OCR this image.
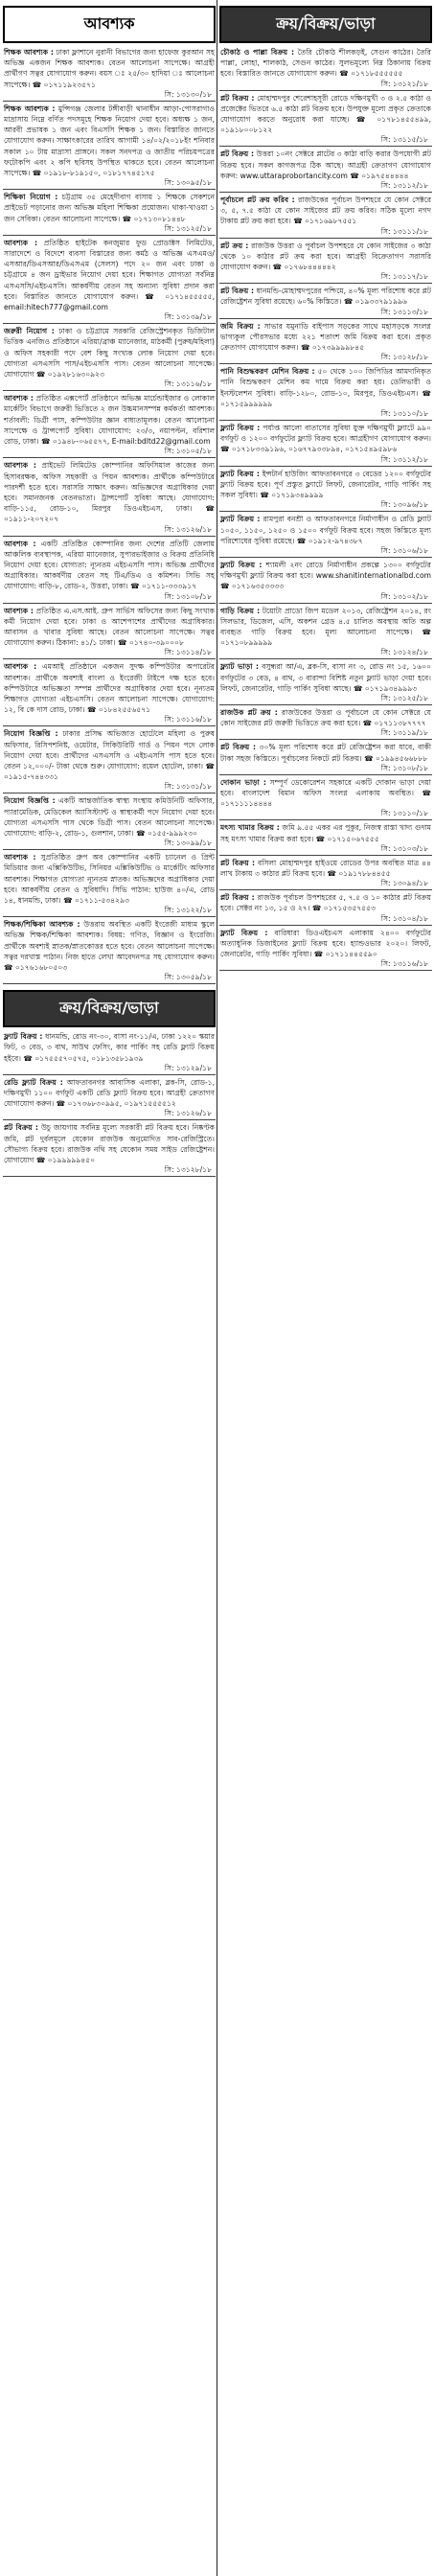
আবশ্যক
শিক্ষক আবশ্যক : ঢাকা ফ্লাশানে নুরানী বিভাগের জন্য হাফেজ কুরআন সহ অভিজ্ঞ একজন শিক্ষক আবশ্যক। বেতন আলোচনা সাপেক্ষে। আগ্রহী প্রার্থীগণ সত্বর যোগাযোগ করুন। বয়স ঃ ২৫/৩০ হাদিয়া ঃ আলোচনা সাপেক্ষে। ☎ ০১৭১১৯২৩৫৭১
সি: ১৩১৩০/১৮
শিক্ষক আবশ্যক : মুন্সিগঞ্জ জেলার টঙ্গীবাড়ী থানাধীন আড়া-পোসরাগাও মাদ্রাসায় নিম্নে বর্ণিত পদসমূহে শিক্ষক নিয়োগ দেয়া হবে। অধ্যক্ষ ১ জন, আরবী প্রভাষক ১ জন এবং বিএসসি শিক্ষক ১ জন। বিস্তারিত জানতে যোগাযোগ করুন। সাক্ষাৎকারের তারিখ আগামী ১৪/০২/২০১৮ইং শনিবার সকাল ১০ টায় মাদ্রাসা প্রাঙ্গনে। সকল সনদপত্র ও জাতীয় পরিচয়পত্রের ফটোকপি এবং ২ কপি ছবিসহ উপস্থিত থাকতে হবে। বেতন আলোচনা সাপেক্ষে। ☎ ০১৯১৮-৮১৯১৫০, ০১৮১৭৭৪৫১৭৫
সি: ১৩০৯৫/১৮
শিক্ষিকা নিয়োগ : চট্টগ্রাম ৩৫ মেহেদীবাগ বাসায় ১ শিক্ষকে সেকশনে প্রাইভেট পড়ানোর জন্য অভিজ্ঞ মহিলা শিক্ষিকা প্রয়োজন। থাকা-খাওয়া ১ জন সেবিকা। বেতন আলোচনা সাপেক্ষে। ☎ ০১৭১৩০৮১৪৪৮
সি: ১৩১২৫/১৮
আবশ্যক : প্রতিষ্ঠিত হাইটেক কনজুমার ফুড প্রোডাক্টস লিমিটেড, সারাদেশে ও বিদেশে ব্যবসা বিস্তারের জন্য কর্মঠ ও অভিজ্ঞ এসএমও/এসআর/ডিএসআর/ডিএসএম (সেলস) পদে ২০ জন এবং ঢাকা ও চট্টগ্রামে ৪ জন ড্রাইভার নিয়োগ দেয়া হবে। শিক্ষাগত যোগ্যতা সর্বনিম্ন এসএসসি/এইচএসসি। আকর্ষণীয় বেতন সহ অন্যান্য সুবিধা প্রদান করা হবে। বিস্তারিত জানতে যোগাযোগ করুন। ☎ ০১৭১৪৫৫৫৫৫, email:hitech777@gmail.com
সি: ১৩১৩৯/১৮
জরুরী নিয়োগ : ঢাকা ও চট্টগ্রামে সরকারি রেজিস্ট্রেশনকৃত ডিজিটাল ভিত্তিক এনজিও প্রতিষ্ঠানে এরিয়া/ব্রাঞ্চ ম্যানেজার, মাঠকর্মী (পুরুষ/মহিলা) ও অফিস সহকারী পদে বেশ কিছু সংখ্যক লোক নিয়োগ দেয়া হবে। যোগ্যতা এসএসসি পাস/এইচএসসি পাস। বেতন আলোচনা সাপেক্ষে। যোগাযোগ ☎ ০১৯২৮১৬৩০৯২৩
সি: ১৩১১৬/১৮
আবশ্যক : প্রতিষ্ঠিত এক্সপোর্ট প্রতিষ্ঠানে অভিজ্ঞ মার্চেন্ডাইজার ও লোকাল মার্কেটিং বিভাগে জরুরী ভিত্তিতে ২ জন উচ্চমানসম্পন্ন কর্মকর্তা আবশ্যক। শর্তাবলী: ডিগ্রী পাস, কম্পিউটার জ্ঞান বাধ্যতামূলক। বেতন আলোচনা সাপেক্ষে ও ট্রান্সপোর্ট সুবিধা। যোগাযোগ: ২৩/৩, নয়াপল্টন, বরিশাল রোড, ঢাকা। ☎ ০১৯৪৮-০৬৫৫৭৭, E-mail:bdltd22@gmail.com
সি: ১৩১০৫/১৮
আবশ্যক : প্রাইভেট লিমিটেড কোম্পানির অফিসিয়াল কাজের জন্য হিসাবরক্ষক, অফিস সহকারী ও পিয়ন আবশ্যক। প্রার্থীকে কম্পিউটারে পারদর্শী হতে হবে। সরাসরি সাক্ষাৎ করুন। অভিজ্ঞদের অগ্রাধিকার দেয়া হবে। সমানজনক বেতনভাতা। ট্রান্সপোর্ট সুবিধা আছে। যোগাযোগ: বাড়ি-১১৫, রোড-১০, মিরপুর ডিওএইচএস, ঢাকা। ☎ ০১৯১১-২০৭২০৭
সি: ১৩১২৬/১৮
আবশ্যক : একটি প্রতিষ্ঠিত কোম্পানির জন্য দেশের প্রতিটি জেলায় আঞ্চলিক ব্যবস্থাপক, এরিয়া ম্যানেজার, সুপারভাইজার ও বিক্রয় প্রতিনিধি নিয়োগ দেয়া হবে। যোগ্যতা: ন্যূনতম এইচএসসি পাস। অভিজ্ঞ প্রার্থীদের অগ্রাধিকার। আকর্ষণীয় বেতন সহ টিএ/ডিএ ও কমিশন। সিভি সহ যোগাযোগ: বাড়ি-৮, রোড-২, উত্তরা, ঢাকা। ☎ ০১৭১১-৩৩৩৯১৭
সি: ১৩১০৮/১৮
আবশ্যক : প্রতিষ্ঠিত এ.এস.আই. গ্রুপ সার্ভিস অফিসের জন্য কিছু সংখ্যক কর্মী নিয়োগ দেয়া হবে। ঢাকা ও আশেপাশের প্রার্থীদের অগ্রাধিকার। আবাসন ও খাবার সুবিধা আছে। বেতন আলোচনা সাপেক্ষে। সত্বর যোগাযোগ করুন। ঠিকানা: ৪১/১ ঢাকা। ☎ ০১৭৪০-৩৯০০০৮
সি: ১৩১১৪/১৮
আবশ্যক : এমআই প্রতিষ্ঠানে একজন সুদক্ষ কম্পিউটার অপারেটর আবশ্যক। প্রার্থীকে অবশ্যই বাংলা ও ইংরেজী টাইপে দক্ষ হতে হবে। কম্পিউটারে অভিজ্ঞতা সম্পন্ন প্রার্থীদের অগ্রাধিকার দেয়া হবে। নূন্যতম শিক্ষাগত যোগ্যতা এইচএসসি। বেতন আলোচনা সাপেক্ষে। যোগাযোগ: ১২, বি কে দাস রোড, ঢাকা। ☎ ০১৮৪২৫৫৬৫৭১
সি: ১৩১১৬/১৮
নিয়োগ বিজ্ঞপ্তি : ঢাকার প্রসিদ্ধ অভিজাত হোটেলে মহিলা ও পুরুষ অফিসার, রিসিপশনিষ্ট, ওয়েটার, সিকিউরিটি গার্ড ও পিয়ন পদে লোক নিয়োগ দেয়া হবে। প্রার্থীদের এসএসসি ও এইচএসসি পাস হতে হবে। বেতন ১২,০০০/- টাকা থেকে শুরু। যোগাযোগ: রয়েল হোটেল, ঢাকা। ☎ ০১৯১৫-৭৪৪৩৩১
সি: ১৩১৩১/১৮
নিয়োগ বিজ্ঞপ্তি : একটি আন্তর্জাতিক স্বাস্থ্য সংস্থায় কমিউনিটি অফিসার, প্যারামেডিক, মেডিকেল অ্যাসিস্ট্যান্ট ও স্বাস্থ্যকর্মী পদে নিয়োগ দেয়া হবে। যোগ্যতা এসএসসি পাস থেকে ডিগ্রী পাস। বেতন আলোচনা সাপেক্ষে। যোগাযোগ: বাড়ি-২, রোড-১, গুলশান, ঢাকা। ☎ ০১৫৫-৯৯৯২৩০
সি: ১৩০৯৯/১৮
আবশ্যক : সুপ্রতিষ্ঠিত গ্রুপ অব কোম্পানির একটি চ্যানেল ও প্রিন্ট মিডিয়ার জন্য এক্সিকিউটিভ, সিনিয়র এক্সিকিউটিভ ও মার্কেটিং অফিসার আবশ্যক। শিক্ষাগত যোগ্যতা ন্যূনতম স্নাতক। অভিজ্ঞদের অগ্রাধিকার দেয়া হবে। আকর্ষণীয় বেতন ও সুবিধাদি। সিভি পাঠান: হাউজ ৪০/এ, রোড ১৪, ধানমন্ডি, ঢাকা। ☎ ০১৭১১-৫৩৪২৯৩
সি: ১৩১২২/১৮
শিক্ষক/শিক্ষিকা আবশ্যক : উত্তরায় অবস্থিত একটি ইংরেজী মাধ্যম স্কুলে অভিজ্ঞ শিক্ষক/শিক্ষিকা আবশ্যক। বিষয়: গণিত, বিজ্ঞান ও ইংরেজি। প্রার্থীকে অবশ্যই স্নাতক/স্নাতকোত্তর হতে হবে। বেতন আলোচনা সাপেক্ষে। সত্বর দরখাস্ত পাঠান। নিজ হাতে লেখা আবেদনপত্র সহ যোগাযোগ করুন। ☎ ০১৭৬১৬৮০৫০৩
সি: ১৩০৫৯/১৮
ক্রয়/বিক্রয়/ভাড়া
ফ্ল্যাট বিক্রয় : ধানমন্ডি, রোড নং-৩০, বাসা নং-১১/এ, ঢাকা ১২২০ স্কয়ার ফিট, ৩ বেড, ৩ বাথ, সাউথ ফেসিং, কার পার্কিং সহ রেডি ফ্ল্যাট বিক্রয় হইবে। ☎ ০১৭৫৫৫৭০৫৭৫, ০১৮১৩৫৮১৯৩৯
সি: ১৩১২৯/১৮
রেডি ফ্ল্যাট বিক্রয় : আফতাবনগর আবাসিক এলাকা, ব্লক-সি, রোড-১, দক্ষিণমুখী ১১০০ বর্গফুট একটি রেডি ফ্ল্যাট বিক্রয় হবে। আগ্রহী ক্রেতাগণ যোগাযোগ করুন। ☎ ০১৭৩৬৮৩০৯৯৫, ০১৯৭১৫৫৫৫১২
সি: ১৩১২৬/১৮
প্লট বিক্রয় : উচু জায়গায় সর্বনিম্ন মূল্যে সরকারী প্লট বিক্রয় হবে। নিষ্কণ্টক জমি, প্লট দুর্বলমূলে যেকোন রাজউক অনুমোদিত সাব-রেজিস্ট্রিতে। সৌভাগ্য বিক্রয় হবে। রাজউক নথি সহ যেকোন সময় সাইড রেজিষ্ট্রেশন। যোগাযোগ ☎ ০১৯৯৯৯৯৪৫০
সি: ১৩১২৮/১৮
ক্রয়/বিক্রয়/ভাড়া
চৌকাঠ ও পাল্লা বিক্রয় : তৈরি চৌকাঠ শীলকড়ই, সেগুন কাঠের। তৈরি পাল্লা, লোহা, শালকাঠ, সেগুন কাঠের। সুলভমূল্যে নিম্ন ঠিকানায় বিক্রয় হবে। বিস্তারিত জানতে যোগাযোগ করুন। ☎ ০১৭১৮৫৫৫৫৫৫
সি: ১৩১২১/১৮
প্লট বিক্রয় : মোহাম্মদপুর শেরেশাহসূরী রোডে দক্ষিণমুখী ৩ ও ২.৫ কাঠা ও প্রজেক্টের ভিতরে ৬.৫ কাঠা প্লট বিক্রয় হবে। উপযুক্ত মূল্যে প্রকৃত ক্রেতাকে যোগাযোগ করতে অনুরোধ করা যাচ্ছে। ☎ ০১৭৮১৪৫৫৪৯৯, ০১৯১৮০০৮১২২
সি: ১৩১১৫/১৮
প্লট বিক্রয় : উত্তরা ১০নং সেক্টরে প্লাটের ৩ কাঠা বাড়ি করার উপযোগী প্লট বিক্রয় হবে। সকল কাগজপত্র ঠিক আছে। আগ্রহী ক্রেতাগণ যোগাযোগ করুন: www.uttaraprobortancity.com ☎ ০১৯৭৫৪৪৪৪৪
সি: ১৩১১২/১৮
পূর্বাচলে প্লট ক্রয় করিব : রাজউকের পূর্বাচল উপশহরে যে কোন সেক্টরে ৩, ৫, ৭.৫ কাঠা যে কোন সাইজের প্লট ক্রয় করিব। সঠিক মূল্যে নগদ টাকায় প্লট ক্রয় করা হবে। ☎ ০১৭১৬৯৮৭৫৫১
সি: ১৩১১১/১৮
প্লট ক্রয় : রাজউক উত্তরা ও পূর্বাচল উপশহরে যে কোন সাইজের ৩ কাঠা থেকে ১০ কাঠার প্লট ক্রয় করা হবে। আগ্রহী বিক্রেতাগণ সরাসরি যোগাযোগ করুন। ☎ ০১৭৬৮৪৪৪৪৪২
সি: ১৩১১৭/১৮
প্লট বিক্রয় : ধানমন্ডি-মোহাম্মদপুরের পশ্চিমে, ৪০% মূল্য পরিশোধ করে প্লট রেজিষ্ট্রেশন সুবিধা রয়েছে। ৬০% কিস্তিতে। ☎ ০১৯৩৩৭৯১৯৯৬
সি: ১৩১১৩/১৮
জমি বিক্রয় : সাভার যমুনাডি বাইপাস সড়কের সাথে মহাসড়কে সংলগ্ন ভাগ্যকুল পৌরসভার মধ্যে ২২১ শতাংশ জমি বিক্রয় করা হবে। প্রকৃত ক্রেতাগণ যোগাযোগ করুন। ☎ ০১৭৩৯৯৯৯৮৪৫
সি: ১৩১২৮/১৮
পানি বিশুদ্ধকরণ মেশিন বিক্রয় : ৫০ থেকে ১০০ জিপিডির আমদানিকৃত পানি বিশুদ্ধকরণ মেশিন কম দামে বিক্রয় করা হয়। ডেলিভারী ও ইনস্টলেশন সুবিধা। বাড়ি-১২৮০, রোড-১০, মিরপুর, ডিওএইচএস। ☎ ০১৭১৫৯৯৯৯৯৯
সি: ১৩১১০/১৮
ফ্ল্যাট বিক্রয় : পর্যাপ্ত আলো বাতাসের সুবিধা যুক্ত দক্ষিণমুখী ফ্ল্যাটে ৯৯০ বর্গফুট ও ১২০০ বর্গফুটের ফ্ল্যাট বিক্রয় হবে। আগ্রহীগণ যোগাযোগ করুন। ☎ ০১৭১৮৩৩৯১৯৬, ০১৬৭৭৯৩৩৮৯৪, ০১৭১৫৪৯৫৯৮৬
সি: ১৩১১২/১৮
ফ্ল্যাট বিক্রয় : ইন্সটার্ন হাউজিং আফতাবনগরে ৩ বেডের ১২০০ বর্গফুটের ফ্ল্যাট বিক্রয় হবে। পূর্ণ প্রস্তুত ফ্ল্যাটে লিফট, জেনারেটর, গাড়ি পার্কিং সহ সকল সুবিধা। ☎ ০১৭১৯৩৪৯৯৯৯
সি: ১৩০৯৬/১৮
ফ্ল্যাট বিক্রয় : রামপুরা বনশ্রী ও আফতাবনগরে নির্মাণাধীন ও রেডি ফ্ল্যাট ১০৫০, ১১৫০, ১২৫০ ও ১৫০০ বর্গফুট বিক্রয় হবে। সহজ কিস্তিতে মূল্য পরিশোধের সুবিধা রয়েছে। ☎ ০১৯১২-৯৭৪৩৮৭
সি: ১৩১০৬/১৮
ফ্ল্যাট বিক্রয় : শ্যামলী ২নং রোডে নির্মাণাধীন প্রকল্পে ১৩০০ বর্গফুটের দক্ষিণমুখী ফ্ল্যাট বিক্রয় করা হবে। www.shanitinternationalbd.com ☎ ০১৭১৬৩৫৩৩৩৩
সি: ১৩১০২/১৮
গাড়ি বিক্রয় : টয়োটা প্রাডো জিপ মডেল ২০১৩, রেজিষ্ট্রেশন ২০১৪, রং সিলভার, ডিজেল, এসি, অকশন গ্রেড ৪.৫ চালিত অবস্থায় অতি অল্প ব্যবহৃত গাড়ি বিক্রয় হবে। মূল্য আলোচনা সাপেক্ষে। ☎ ০১৭১০৮৯৯৯৯৯
সি: ১৩১২৪/১৮
ফ্ল্যাট ভাড়া : বসুন্ধরা আ/এ, ব্লক-সি, বাসা নং ৩, রোড নং ১৫, ১৬০০ বর্গফুটের ৩ বেড, ৪ বাথ, ৩ বারান্দা বিশিষ্ট নতুন ফ্ল্যাট ভাড়া দেয়া হবে। লিফট, জেনারেটর, গাড়ি পার্কিং সুবিধা আছে। ☎ ০১৭১৯৩৪৯৯৯৩
সি: ১৩১২৫/১৮
রাজউক প্লট ক্রয় : রাজউকের উত্তরা ও পূর্বাচলে যে কোন সেক্টরে যে কোন সাইজের প্লট জরুরী ভিত্তিতে ক্রয় করা হবে। ☎ ০১৭১১৩৮৭৭৭৭
সি: ১৩১১৯/১৮
প্লট বিক্রয় : ৩০% মূল্য পরিশোধ করে প্লট রেজিষ্ট্রেশন করা যাবে, বাকী টাকা সহজ কিস্তিতে। পূর্বাচলের নিকটে প্লট বিক্রয়। ☎ ০১৯৯৪৫৬৬৮৮৮
সি: ১৩১০৮/১৮
দোকান ভাড়া : সম্পূর্ণ ডেকোরেশন সহকারে একটি দোকান ভাড়া দেয়া হবে। বাংলাদেশ বিমান অফিস সংলগ্ন এলাকায় অবস্থিত। ☎ ০১৭১১১১৪৪৪৪
সি: ১৩১১০/১৮
মৎস্য খামার বিক্রয় : জমি ৯.৫৫ একর এর পুকুর, নিজস্ব রাস্তা খাদ্য গুদাম সহ মৎস্য খামার বিক্রয় করা হবে। ☎ ০১৭১৫০৬৭৫৫৫
সি: ১৩১০৩/১৮
প্লট বিক্রয় : বসিলা মোহাম্মদপুর হাইওয়ে রোডের উপর অবস্থিত মাত্র ৪৪ লাখ টাকায় ৩ কাঠার প্লট বিক্রয় হবে। ☎ ০১৯১৭৮৮৪৪৫৫
সি: ১৩০৯৪/১৮
প্লট বিক্রয় : রাজউক পূর্বাচল উপশহরের ৫, ৭.৫ ও ১০ কাঠার প্লট বিক্রয় হবে। সেক্টর নং ১৩, ১৫ ও ২৭। ☎ ০১৭১৫৩৫৭৫৫৩
সি: ১৩১০৪/১৮
ফ্ল্যাট বিক্রয় : বারিধারা ডিওএইচএস এলাকায় ২৪০০ বর্গফুটের অত্যাধুনিক ডিজাইনের ফ্ল্যাট বিক্রয় হবে। হ্যান্ডওভার ২০২০। লিফট, জেনারেটর, গাড়ি পার্কিং সুবিধা। ☎ ০১৭১১৪৪৫৫৯০
সি: ১৩১১৬/১৮
